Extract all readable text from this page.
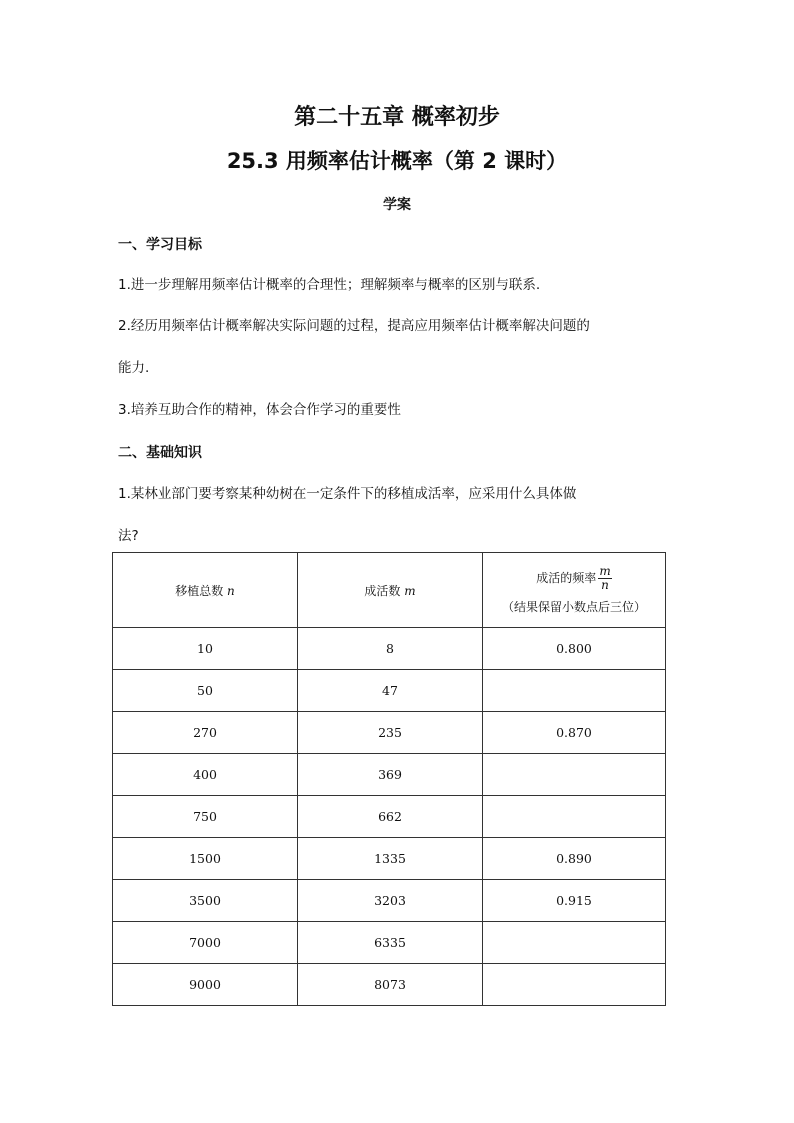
第二十五章 概率初步
25.3 用频率估计概率（第 2 课时）
学案
一、学习目标
1.进一步理解用频率估计概率的合理性；理解频率与概率的区别与联系.
2.经历用频率估计概率解决实际问题的过程，提高应用频率估计概率解决问题的
能力.
3.培养互助合作的精神，体会合作学习的重要性
二、基础知识
1.某林业部门要考察某种幼树在一定条件下的移植成活率，应采用什么具体做
法?
移植总数 n	成活数 m	成活的频率 $\frac{m}{n}$
（结果保留小数点后三位）

10	8	0.800
50	47	
270	235	0.870
400	369	
750	662	
1500	1335	0.890
3500	3203	0.915
7000	6335	
9000	8073	
